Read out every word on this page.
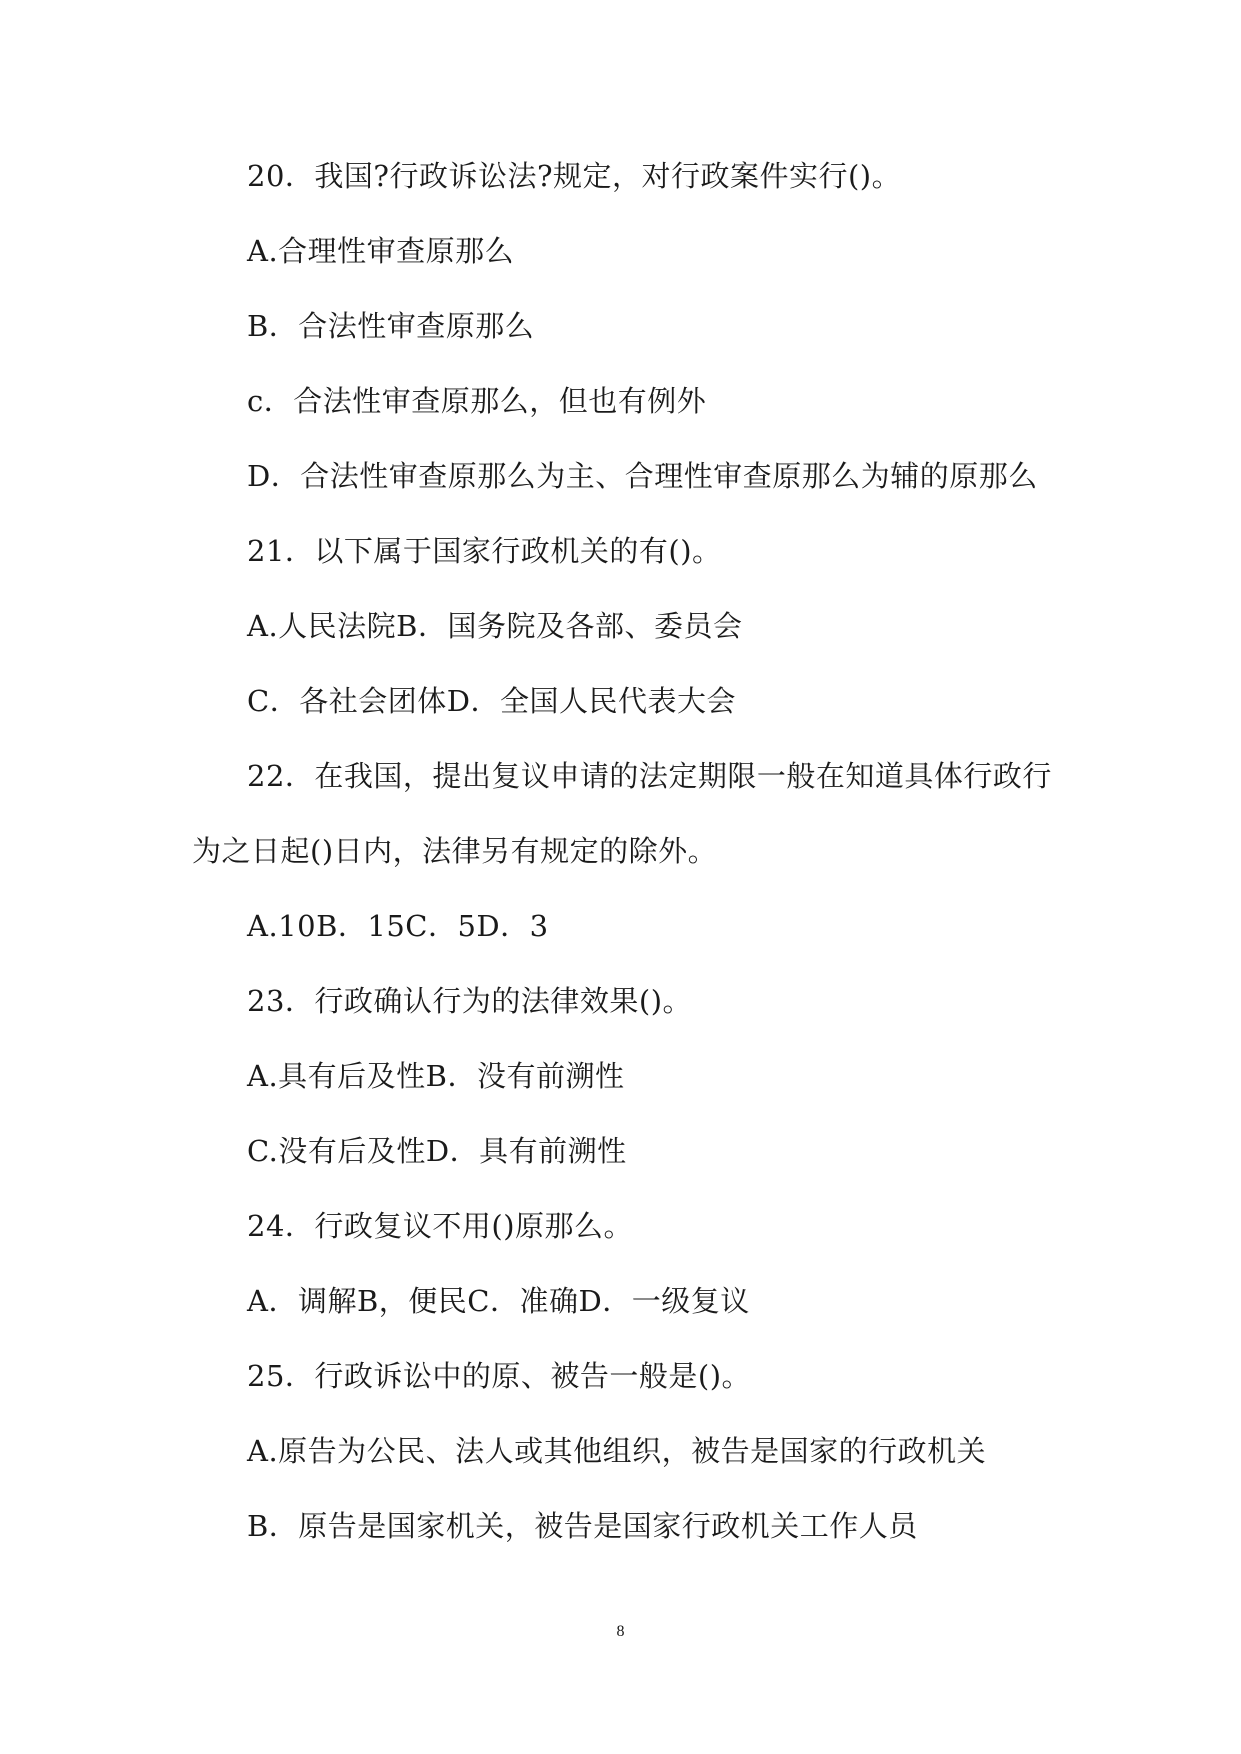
20．我国?行政诉讼法?规定，对行政案件实行()。
A.合理性审查原那么
B．合法性审查原那么
c．合法性审查原那么，但也有例外
D．合法性审查原那么为主、合理性审查原那么为辅的原那么
21．以下属于国家行政机关的有()。
A.人民法院B．国务院及各部、委员会
C．各社会团体D．全国人民代表大会
22．在我国，提出复议申请的法定期限一般在知道具体行政行
为之日起()日内，法律另有规定的除外。
A.10B．15C．5D．3
23．行政确认行为的法律效果()。
A.具有后及性B．没有前溯性
C.没有后及性D．具有前溯性
24．行政复议不用()原那么。
A．调解B，便民C．准确D．一级复议
25．行政诉讼中的原、被告一般是()。
A.原告为公民、法人或其他组织，被告是国家的行政机关
B．原告是国家机关，被告是国家行政机关工作人员
8
